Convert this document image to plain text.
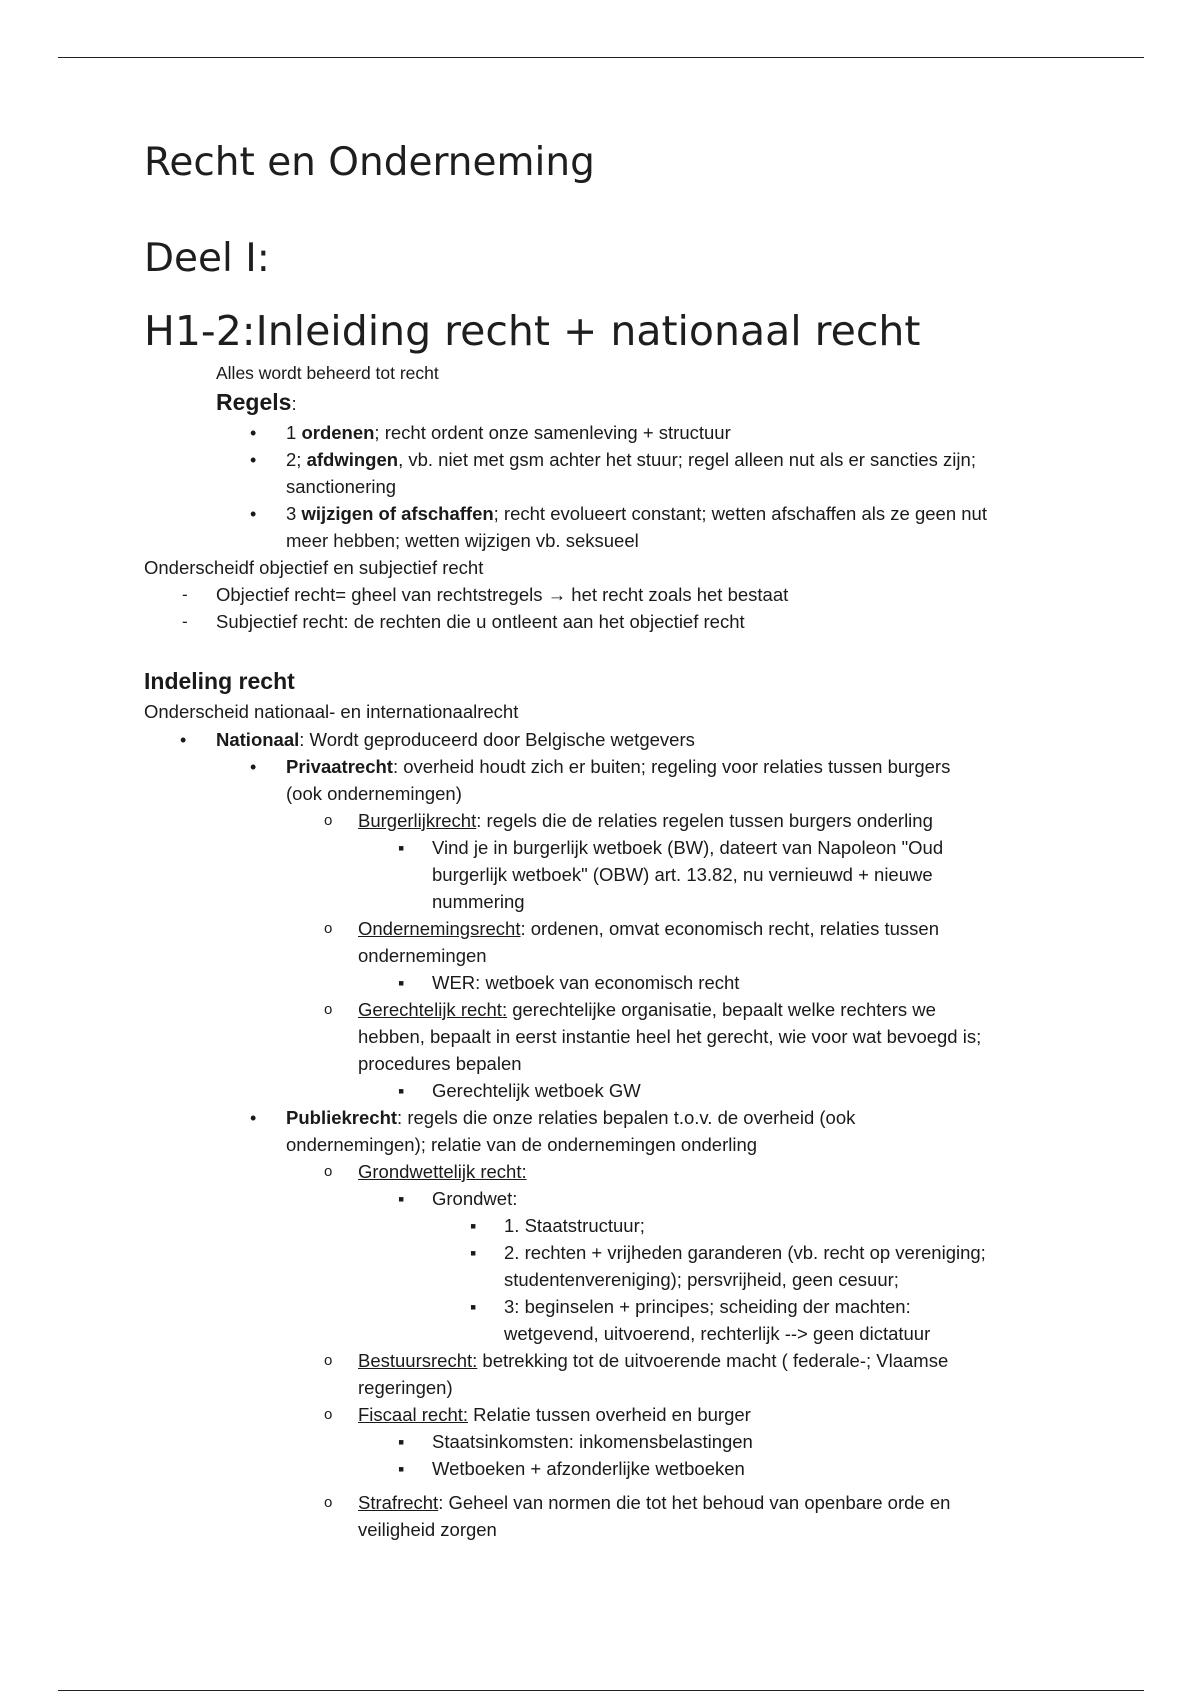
Recht en Onderneming
Deel I:
H1-2:Inleiding recht + nationaal recht
Alles wordt beheerd tot recht
Regels:
• 1 ordenen; recht ordent onze samenleving + structuur
• 2; afdwingen, vb. niet met gsm achter het stuur; regel alleen nut als er sancties zijn;
sanctionering
• 3 wijzigen of afschaffen; recht evolueert constant; wetten afschaffen als ze geen nut
meer hebben; wetten wijzigen vb. seksueel
Onderscheidf objectief en subjectief recht
- Objectief recht= gheel van rechtstregels → het recht zoals het bestaat
- Subjectief recht: de rechten die u ontleent aan het objectief recht
Indeling recht
Onderscheid nationaal- en internationaalrecht
• Nationaal: Wordt geproduceerd door Belgische wetgevers
• Privaatrecht: overheid houdt zich er buiten; regeling voor relaties tussen burgers
(ook ondernemingen)
o Burgerlijkrecht: regels die de relaties regelen tussen burgers onderling
▪ Vind je in burgerlijk wetboek (BW), dateert van Napoleon "Oud
burgerlijk wetboek" (OBW) art. 13.82, nu vernieuwd + nieuwe
nummering
o Ondernemingsrecht: ordenen, omvat economisch recht, relaties tussen
ondernemingen
▪ WER: wetboek van economisch recht
o Gerechtelijk recht: gerechtelijke organisatie, bepaalt welke rechters we
hebben, bepaalt in eerst instantie heel het gerecht, wie voor wat bevoegd is;
procedures bepalen
▪ Gerechtelijk wetboek GW
• Publiekrecht: regels die onze relaties bepalen t.o.v. de overheid (ook
ondernemingen); relatie van de ondernemingen onderling
o Grondwettelijk recht:
▪ Grondwet:
▪ 1. Staatstructuur;
▪ 2. rechten + vrijheden garanderen (vb. recht op vereniging;
studentenvereniging); persvrijheid, geen cesuur;
▪ 3: beginselen + principes; scheiding der machten:
wetgevend, uitvoerend, rechterlijk --> geen dictatuur
o Bestuursrecht: betrekking tot de uitvoerende macht ( federale-; Vlaamse
regeringen)
o Fiscaal recht: Relatie tussen overheid en burger
▪ Staatsinkomsten: inkomensbelastingen
▪ Wetboeken + afzonderlijke wetboeken
o Strafrecht: Geheel van normen die tot het behoud van openbare orde en
veiligheid zorgen
